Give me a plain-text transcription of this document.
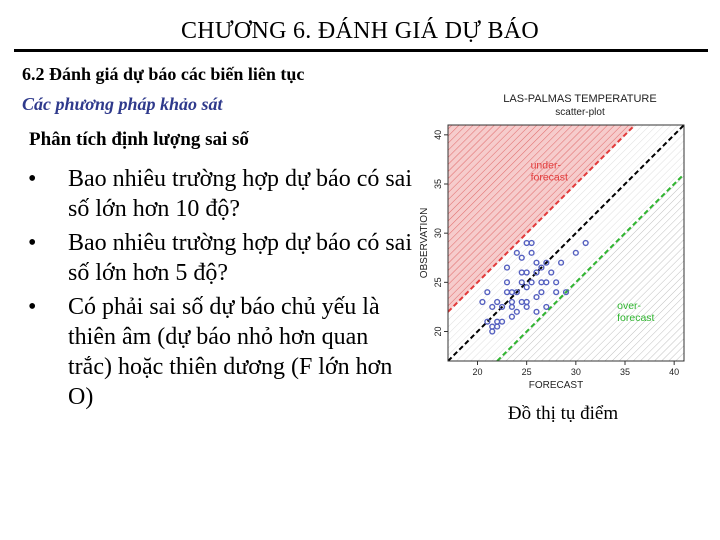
CHƯƠNG 6. ĐÁNH GIÁ DỰ BÁO
6.2 Đánh giá dự báo các biến liên tục
Các phương pháp khảo sát
Phân tích định lượng sai số
• Bao nhiêu trường hợp dự báo có sai số lớn hơn 10 độ?
• Bao nhiêu trường hợp dự báo có sai số lớn hơn 5 độ?
• Có phải sai số dự báo chủ yếu là thiên âm (dự báo nhỏ hơn quan trắc) hoặc thiên dương (F lớn hơn O)
LAS-PALMAS TEMPERATURE
scatter-plot
20	25	30	35	40
20
25
30
35
40
FORECAST
OBSERVATION
under-
forecast
over-
forecast
Đồ thị tụ điểm
